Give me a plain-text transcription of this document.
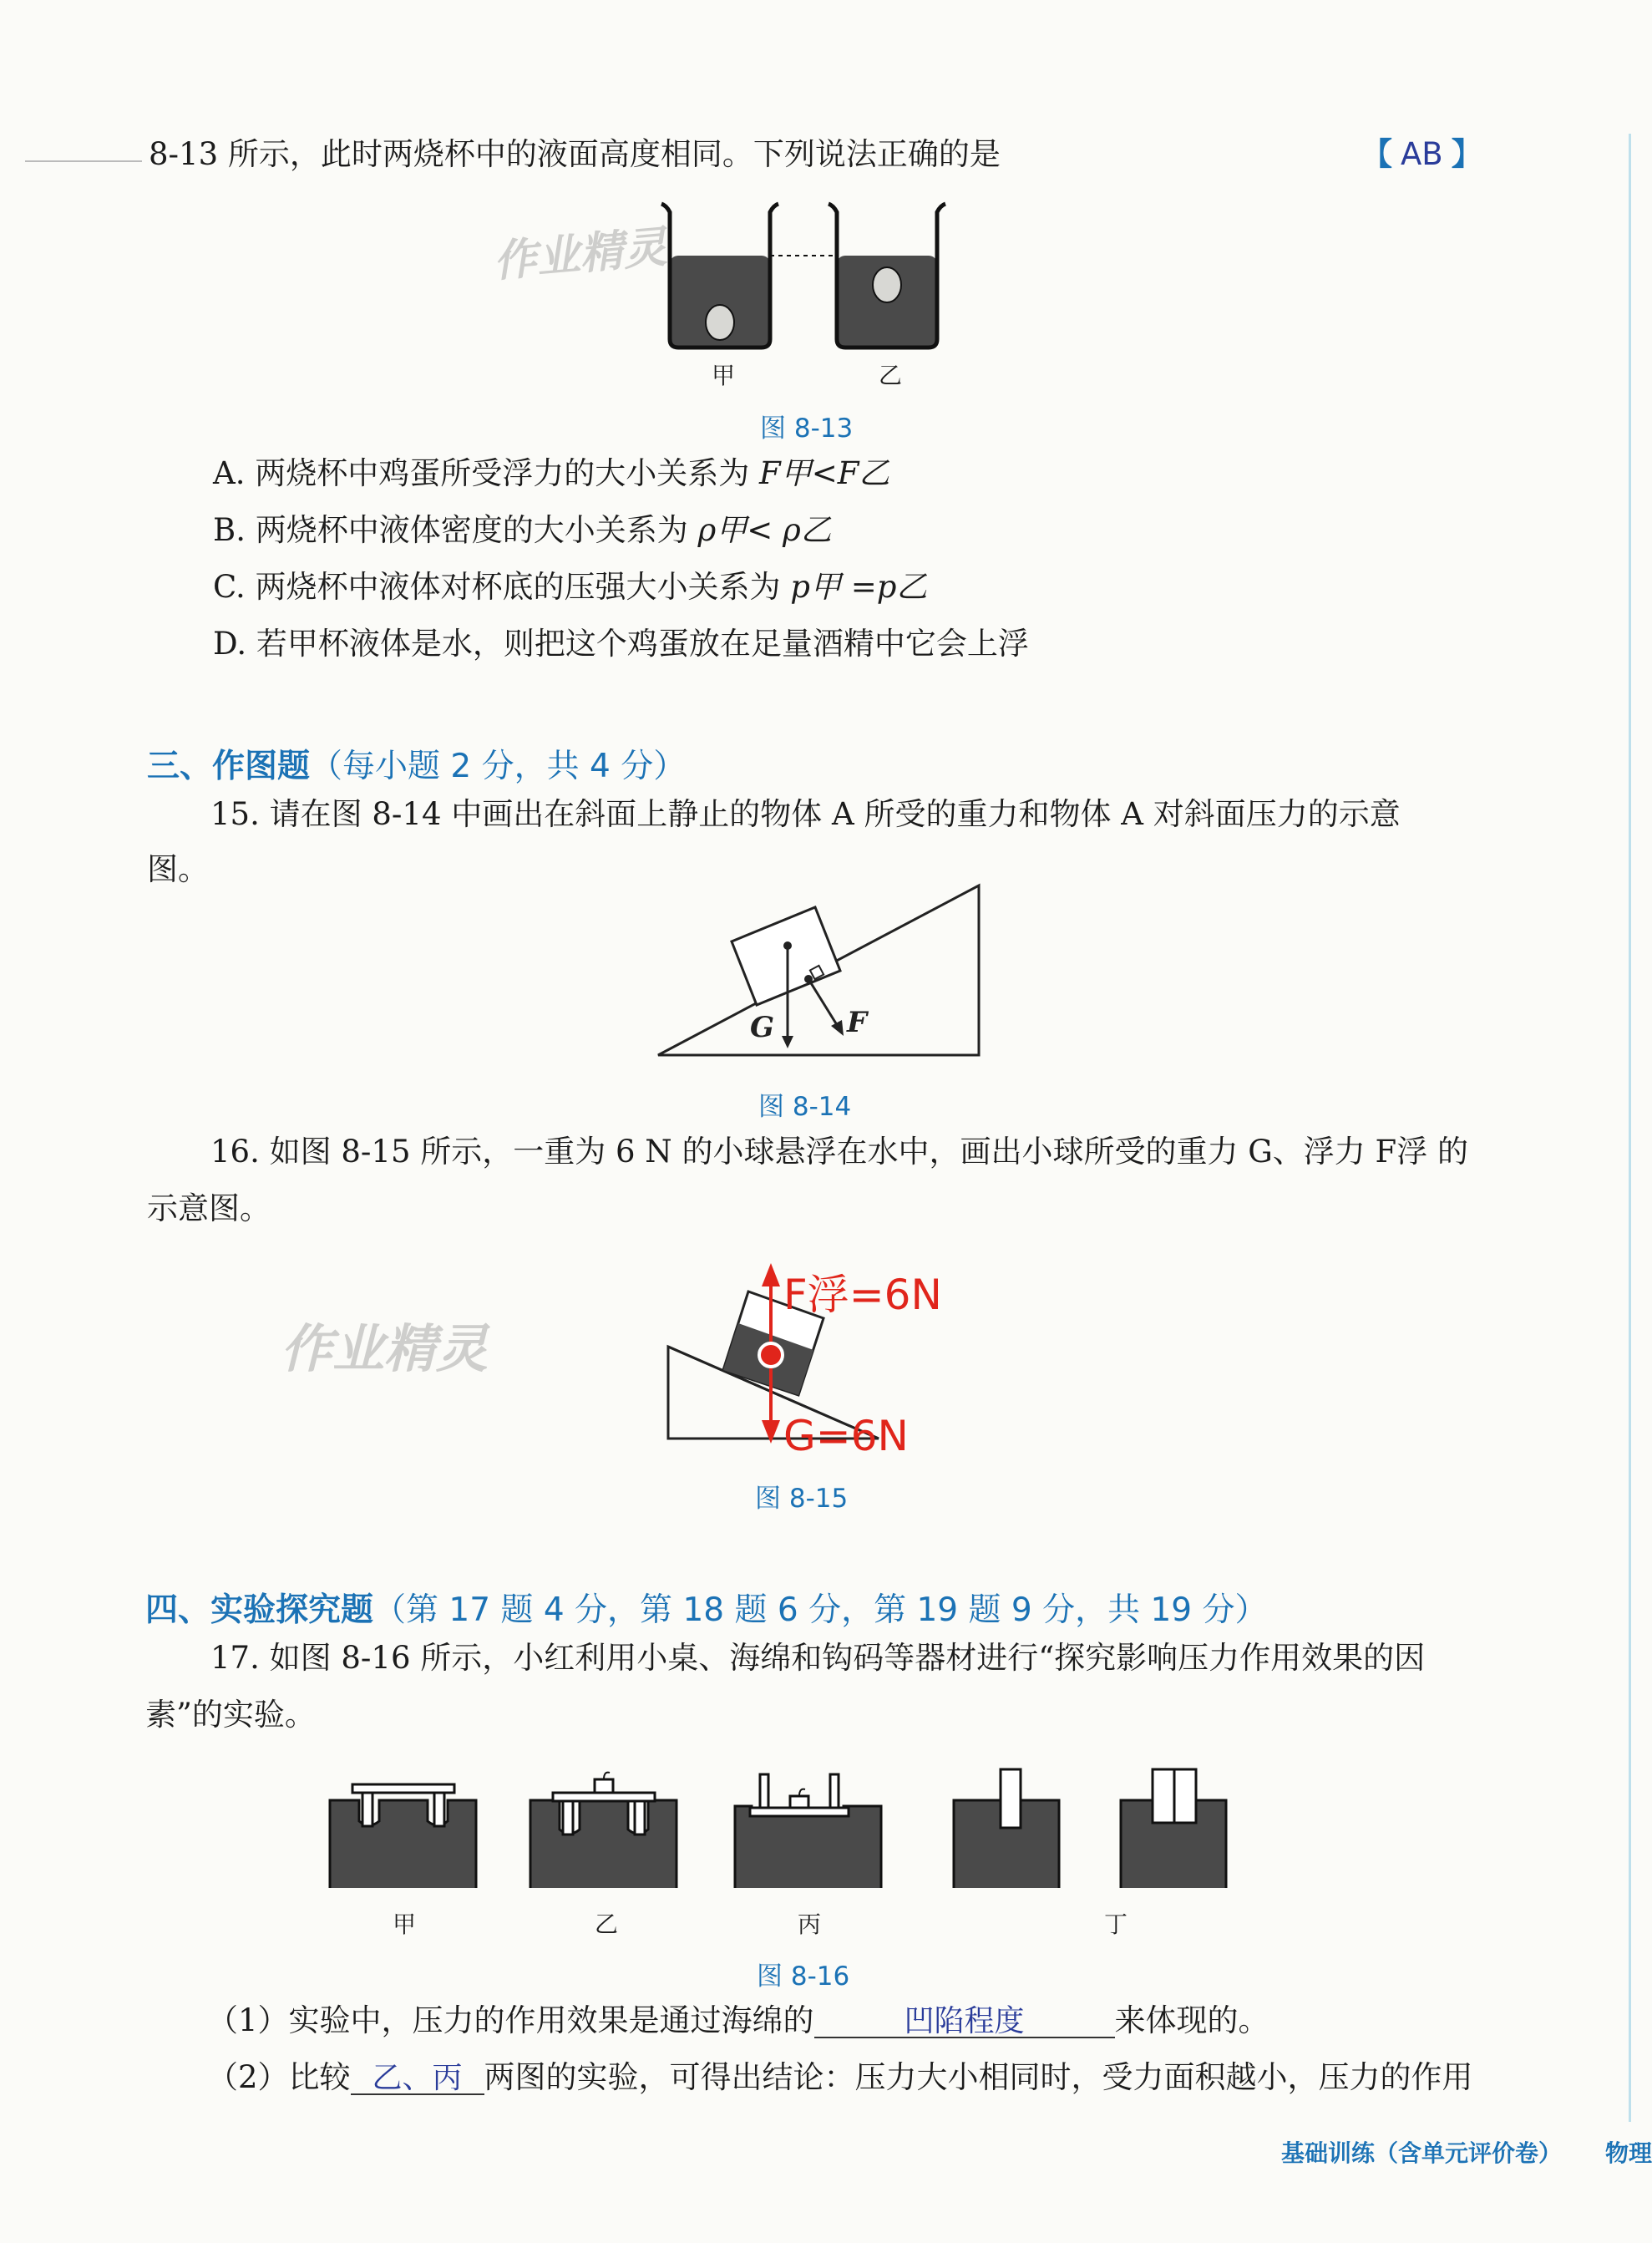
8-13 所示，此时两烧杯中的液面高度相同。下列说法正确的是	【 AB 】
甲	乙
图 8-13
作业精灵
A. 两烧杯中鸡蛋所受浮力的大小关系为 F甲<F乙
B. 两烧杯中液体密度的大小关系为 ρ甲< ρ乙
C. 两烧杯中液体对杯底的压强大小关系为 p甲 =p乙
D. 若甲杯液体是水，则把这个鸡蛋放在足量酒精中它会上浮
三、作图题（每小题 2 分，共 4 分）
15. 请在图 8-14 中画出在斜面上静止的物体 A 所受的重力和物体 A 对斜面压力的示意
图。
G	F
图 8-14
16. 如图 8-15 所示，一重为 6 N 的小球悬浮在水中，画出小球所受的重力 G、浮力 F浮 的
示意图。
F浮=6N
G=6N
图 8-15
作业精灵
四、实验探究题（第 17 题 4 分，第 18 题 6 分，第 19 题 9 分，共 19 分）
17. 如图 8-16 所示，小红利用小桌、海绵和钩码等器材进行“探究影响压力作用效果的因
素”的实验。
甲	乙	丙	丁
图 8-16
（1）实验中，压力的作用效果是通过海绵的	凹陷程度	来体现的。
（2）比较 乙、丙 两图的实验，可得出结论：压力大小相同时，受力面积越小，压力的作用
基础训练（含单元评价卷） 物理
